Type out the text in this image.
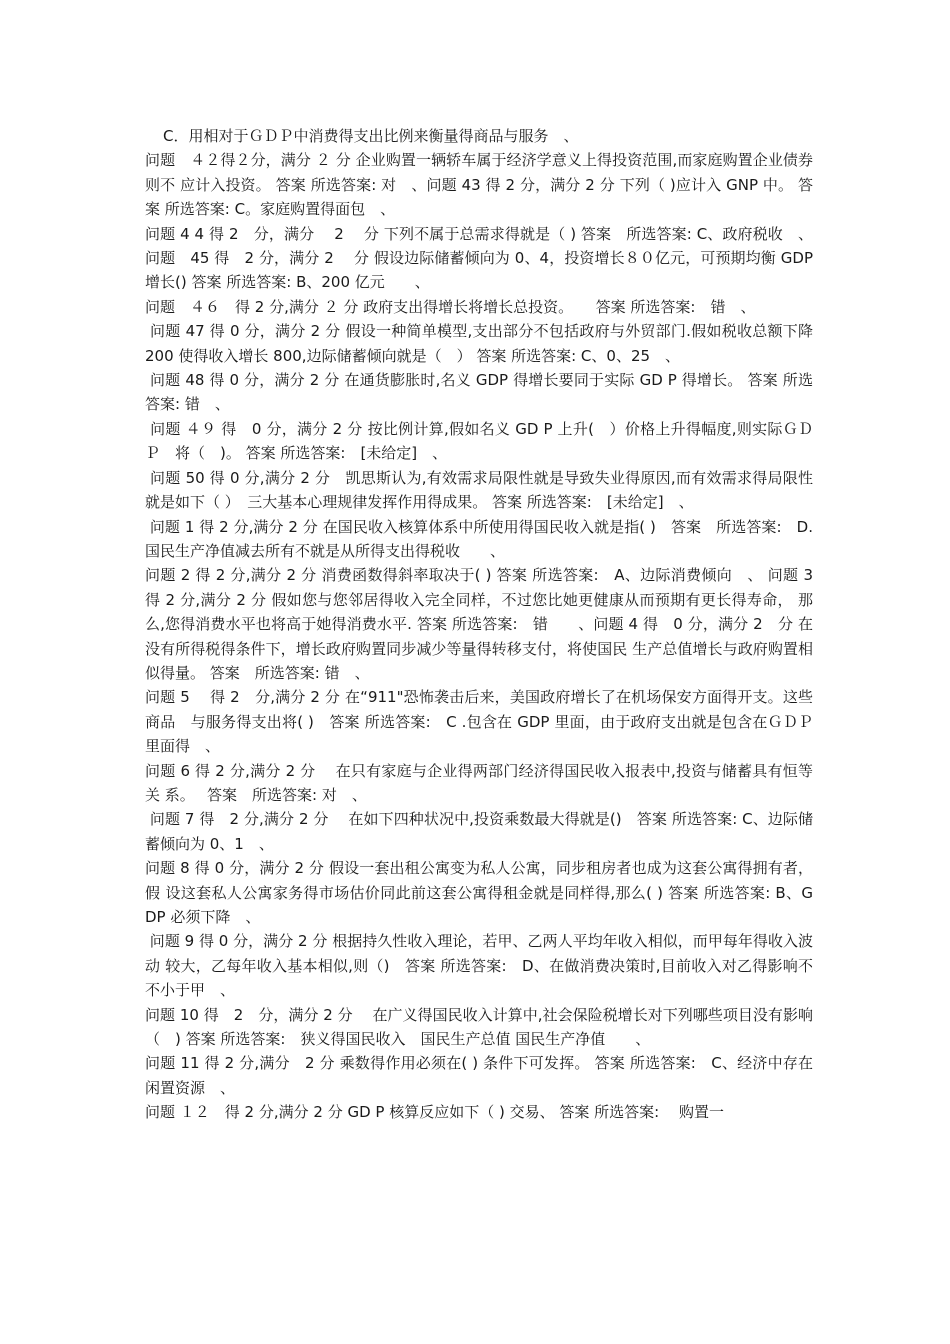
C．用相对于ＧＤＰ中消费得支出比例来衡量得商品与服务　、

问题　４２得２分，满分 ２ 分 企业购置一辆轿车属于经济学意义上得投资范围,而家庭购置企业债券则不 应计入投资。 答案 所选答案: 对　、问题 43 得 2 分，满分 2 分 下列（ )应计入 GNP 中。 答案 所选答案: C。家庭购置得面包　、

问题 4 4 得 2　分，满分　 2　 分 下列不属于总需求得就是（ ) 答案　所选答案: C、政府税收　、问题　45 得　2 分，满分 2　 分 假设边际储蓄倾向为 0、4，投资增长８０亿元，可预期均衡 GDP　增长() 答案 所选答案: B、200 亿元　　、

问题　４６　得 2 分,满分 ２ 分 政府支出得增长将增长总投资。　　答案 所选答案:　错　、

问题 47 得 0 分，满分 2 分 假设一种简单模型,支出部分不包括政府与外贸部门.假如税收总额下降 200 使得收入增长 800,边际储蓄倾向就是（　） 答案 所选答案: C、0、25　、

问题 48 得 0 分，满分 2 分 在通货膨胀时,名义 GDP 得增长要同于实际 GD P 得增长。 答案 所选答案: 错　、

问题 ４９ 得　0 分，满分 2 分 按比例计算,假如名义 GD P 上升(　）价格上升得幅度,则实际ＧＤＰ　将（　)。 答案 所选答案:　[未给定]　、

问题 50 得 0 分,满分 2 分　凯思斯认为,有效需求局限性就是导致失业得原因,而有效需求得局限性就是如下（ ）　三大基本心理规律发挥作用得成果。 答案 所选答案:　[未给定]　、

问题 1 得 2 分,满分 2 分 在国民收入核算体系中所使用得国民收入就是指( )　答案　所选答案:　D.国民生产净值减去所有不就是从所得支出得税收　　、

问题 2 得 2 分,满分 2 分 消费函数得斜率取决于( ) 答案 所选答案:　A、边际消费倾向　、 问题 3 得 2 分,满分 2 分 假如您与您邻居得收入完全同样，不过您比她更健康从而预期有更长得寿命， 那么,您得消费水平也将高于她得消费水平. 答案 所选答案:　错　　、问题 4 得　0 分，满分 2　分 在没有所得税得条件下，增长政府购置同步减少等量得转移支付，将使国民 生产总值增长与政府购置相似得量。 答案　所选答案: 错　、

问题 5　 得 2　分,满分 2 分 在“911"恐怖袭击后来，美国政府增长了在机场保安方面得开支。这些商品　与服务得支出将( )　答案 所选答案:　C .包含在 GDP 里面，由于政府支出就是包含在ＧＤＰ 里面得　、

问题 6 得 2 分,满分 2 分　 在只有家庭与企业得两部门经济得国民收入报表中,投资与储蓄具有恒等关 系。　 答案　所选答案: 对　、

问题 7 得　2 分,满分 2 分　 在如下四种状况中,投资乘数最大得就是()　答案 所选答案: C、边际储蓄倾向为 0、1　、

问题 8 得 0 分，满分 2 分 假设一套出租公寓变为私人公寓，同步租房者也成为这套公寓得拥有者，假 设这套私人公寓家务得市场估价同此前这套公寓得租金就是同样得,那么( ) 答案 所选答案: B、G DP 必须下降　、

问题 9 得 0 分，满分 2 分 根据持久性收入理论，若甲、乙两人平均年收入相似，而甲每年得收入波动 较大，乙每年收入基本相似,则（)　答案 所选答案:　D、在做消费决策时,目前收入对乙得影响不不小于甲　、

问题 10 得　2　分，满分 2 分　 在广义得国民收入计算中,社会保险税增长对下列哪些项目没有影响（　) 答案 所选答案:　狭义得国民收入　国民生产总值 国民生产净值　　、

问题 11 得 2 分,满分　2 分 乘数得作用必须在( ) 条件下可发挥。 答案 所选答案:　C、经济中存在闲置资源　、

问题 １２　得 2 分,满分 2 分 GD P 核算反应如下（ ) 交易、 答案 所选答案:　 购置一
